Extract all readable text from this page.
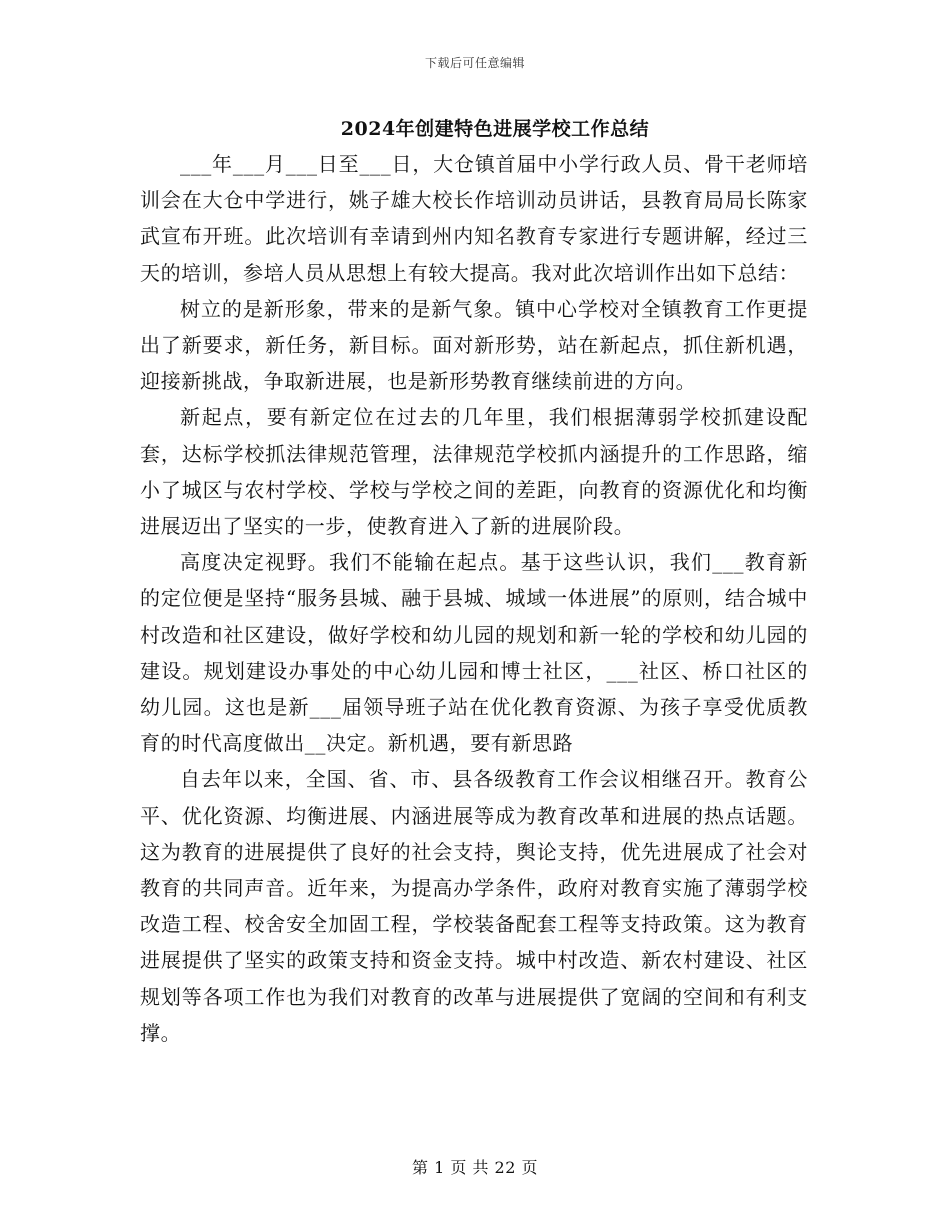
下载后可任意编辑
2024年创建特色进展学校工作总结

___年___月___日至___日，大仓镇首届中小学行政人员、骨干老师培训会在大仓中学进行，姚子雄大校长作培训动员讲话，县教育局局长陈家武宣布开班。此次培训有幸请到州内知名教育专家进行专题讲解，经过三天的培训，参培人员从思想上有较大提高。我对此次培训作出如下总结：

树立的是新形象，带来的是新气象。镇中心学校对全镇教育工作更提出了新要求，新任务，新目标。面对新形势，站在新起点，抓住新机遇，迎接新挑战，争取新进展，也是新形势教育继续前进的方向。

新起点，要有新定位在过去的几年里，我们根据薄弱学校抓建设配套，达标学校抓法律规范管理，法律规范学校抓内涵提升的工作思路，缩小了城区与农村学校、学校与学校之间的差距，向教育的资源优化和均衡进展迈出了坚实的一步，使教育进入了新的进展阶段。

高度决定视野。我们不能输在起点。基于这些认识，我们___教育新的定位便是坚持“服务县城、融于县城、城域一体进展”的原则，结合城中村改造和社区建设，做好学校和幼儿园的规划和新一轮的学校和幼儿园的建设。规划建设办事处的中心幼儿园和博士社区，___社区、桥口社区的幼儿园。这也是新___届领导班子站在优化教育资源、为孩子享受优质教育的时代高度做出__决定。新机遇，要有新思路

自去年以来，全国、省、市、县各级教育工作会议相继召开。教育公平、优化资源、均衡进展、内涵进展等成为教育改革和进展的热点话题。这为教育的进展提供了良好的社会支持，舆论支持，优先进展成了社会对教育的共同声音。近年来，为提高办学条件，政府对教育实施了薄弱学校改造工程、校舍安全加固工程，学校装备配套工程等支持政策。这为教育进展提供了坚实的政策支持和资金支持。城中村改造、新农村建设、社区规划等各项工作也为我们对教育的改革与进展提供了宽阔的空间和有利支撑。

第 1 页 共 22 页
